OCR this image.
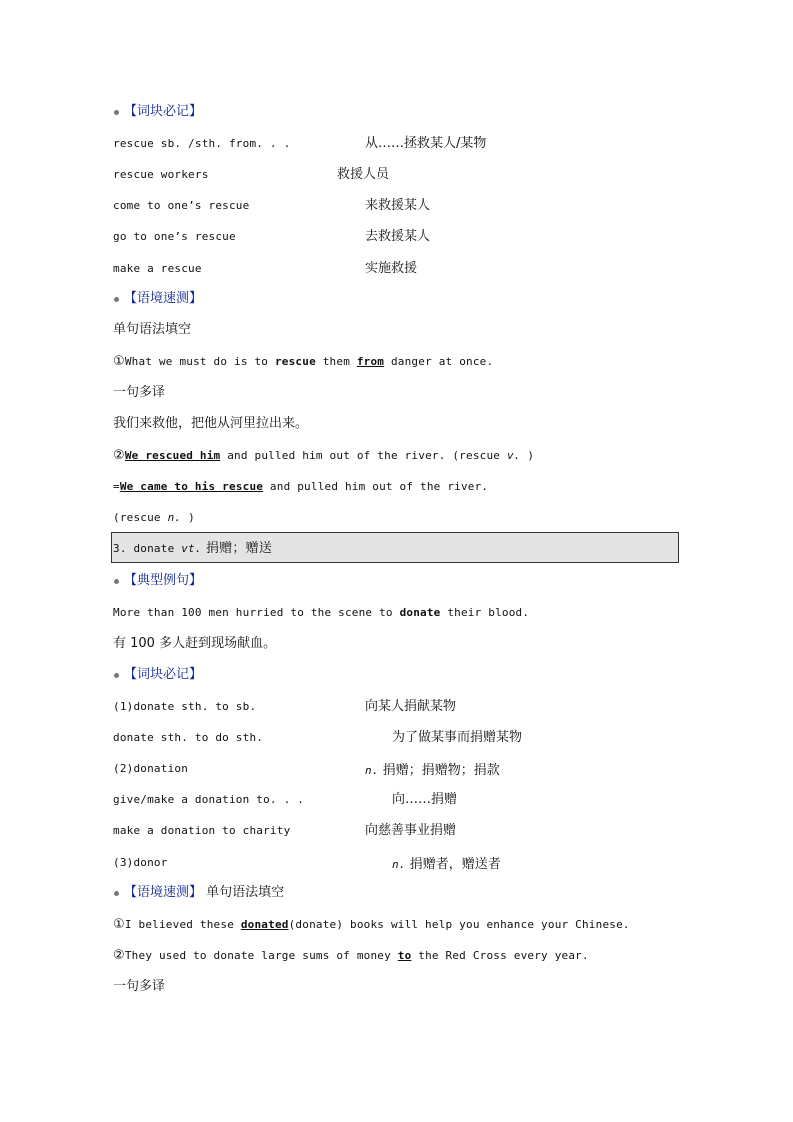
【词块必记】
rescue sb. /sth. from. . .	从……拯救某人/某物
rescue workers	救援人员
come to one’s rescue	来救援某人
go to one’s rescue	去救援某人
make a rescue	实施救援
【语境速测】
单句语法填空
①What we must do is to rescue them from danger at once.
一句多译
我们来救他，把他从河里拉出来。
②We rescued him and pulled him out of the river. (rescue v. )
=We came to his rescue and pulled him out of the river.
(rescue n. )
3. donate vt. 捐赠；赠送
【典型例句】
More than 100 men hurried to the scene to donate their blood.
有 100 多人赶到现场献血。
【词块必记】
(1)donate sth. to sb.	向某人捐献某物
donate sth. to do sth.	为了做某事而捐赠某物
(2)donation	n. 捐赠；捐赠物；捐款
give/make a donation to. . .	向……捐赠
make a donation to charity	向慈善事业捐赠
(3)donor	n. 捐赠者，赠送者
【语境速测】 单句语法填空
①I believed these donated(donate) books will help you enhance your Chinese.
②They used to donate large sums of money to the Red Cross every year.
一句多译
